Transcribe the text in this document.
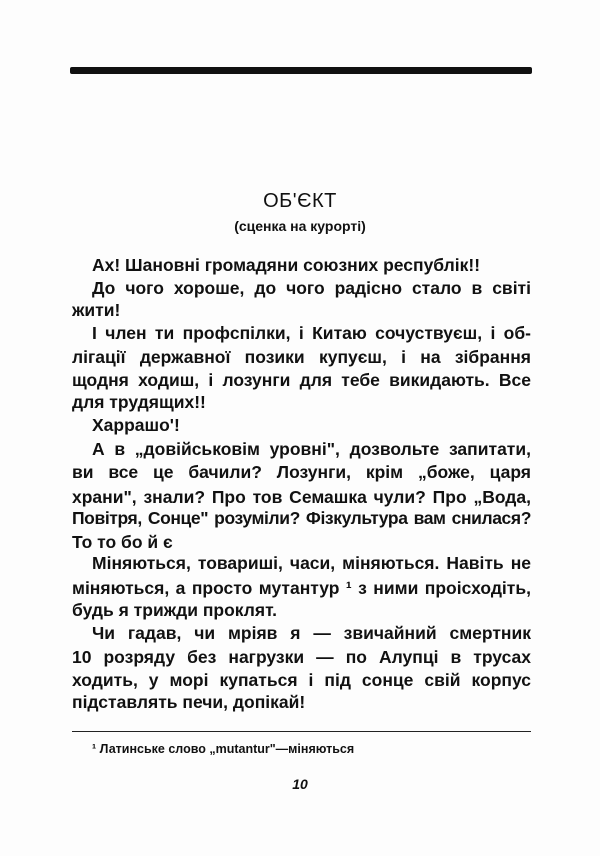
ОБ'ЄКТ
(сценка на курорті)
Ах! Шановні громадяни союзних республік!!
До чого хороше, до чого радісно стало в світі
жити!
І член ти профспілки, і Китаю сочуствуєш, і об-
лігації державної позики купуєш, і на зібрання
щодня ходиш, і лозунги для тебе викидають. Все
для трудящих!!
Харрашо'!
А в „довійськовім уровні", дозвольте запитати,
ви все це бачили? Лозунги, крім „боже, царя
храни", знали? Про тов Семашка чули? Про „Вода,
Повітря, Сонце" розуміли? Фізкультура вам снилася?
То то бо й є
Міняються, товариші, часи, міняються. Навіть не
міняються, а просто мутантур ¹ з ними проісходіть,
будь я трижди проклят.
Чи гадав, чи мріяв я — звичайний смертник
10 розряду без нагрузки — по Алупці в трусах
ходить, у морі купаться і під сонце свій корпус
підставлять печи, допікай!
¹ Латинське слово „mutantur"—міняються
10
